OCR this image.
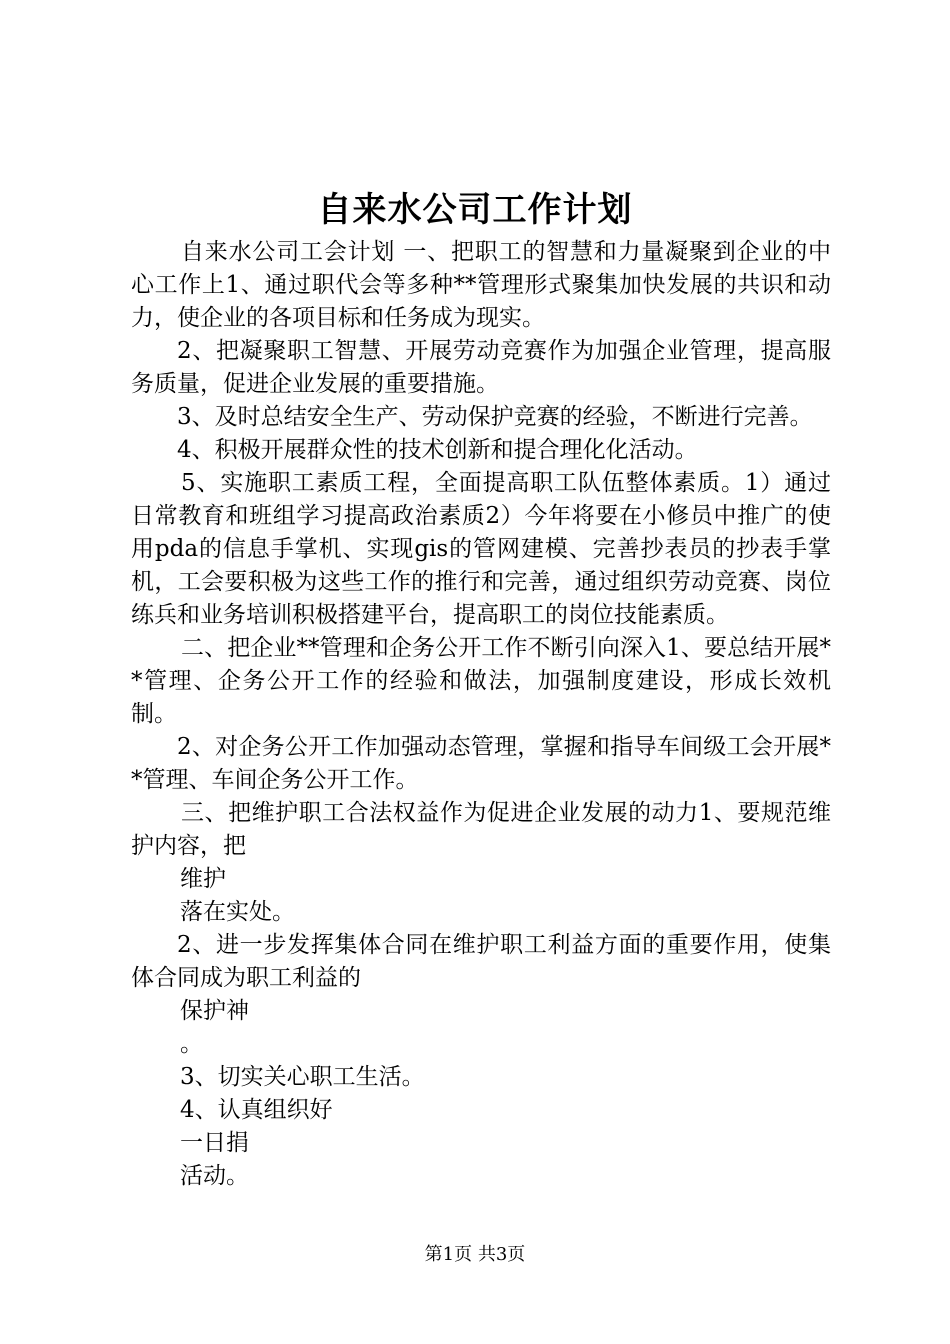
自来水公司工作计划

自来水公司工会计划 一、把职工的智慧和力量凝聚到企业的中心工作上1、通过职代会等多种**管理形式聚集加快发展的共识和动力，使企业的各项目标和任务成为现实。

2、把凝聚职工智慧、开展劳动竞赛作为加强企业管理，提高服务质量，促进企业发展的重要措施。

3、及时总结安全生产、劳动保护竞赛的经验，不断进行完善。

4、积极开展群众性的技术创新和提合理化化活动。

5、实施职工素质工程，全面提高职工队伍整体素质。1）通过日常教育和班组学习提高政治素质2）今年将要在小修员中推广的使用pda的信息手掌机、实现gis的管网建模、完善抄表员的抄表手掌机，工会要积极为这些工作的推行和完善，通过组织劳动竞赛、岗位练兵和业务培训积极搭建平台，提高职工的岗位技能素质。

二、把企业**管理和企务公开工作不断引向深入1、要总结开展**管理、企务公开工作的经验和做法，加强制度建设，形成长效机制。

2、对企务公开工作加强动态管理，掌握和指导车间级工会开展**管理、车间企务公开工作。

三、把维护职工合法权益作为促进企业发展的动力1、要规范维护内容，把

维护

落在实处。

2、进一步发挥集体合同在维护职工利益方面的重要作用，使集体合同成为职工利益的

保护神

。

3、切实关心职工生活。

4、认真组织好

一日捐

活动。

第1页 共3页
